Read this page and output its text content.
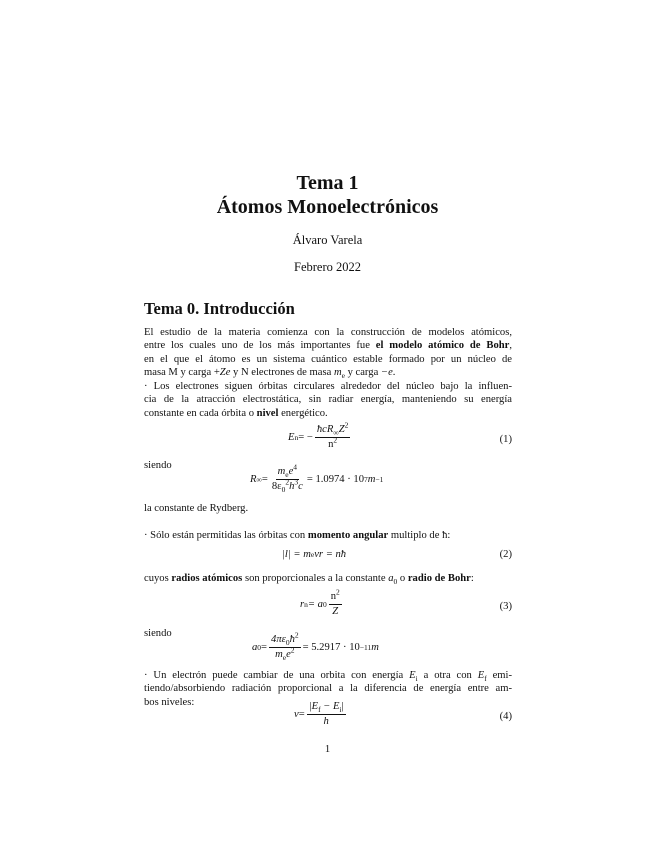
Tema 1
Átomos Monoelectrónicos
Álvaro Varela
Febrero 2022
Tema 0. Introducción
El estudio de la materia comienza con la construcción de modelos atómicos,
entre los cuales uno de los más importantes fue el modelo atómico de Bohr,
en el que el átomo es un sistema cuántico estable formado por un núcleo de
masa M y carga +Ze y N electrones de masa $m_e$ y carga −e.
· Los electrones siguen órbitas circulares alrededor del núcleo bajo la influen-
cia de la atracción electrostática, sin radiar energía, manteniendo su energía
constante en cada órbita o nivel energético.
E n = − $\frac{ħcR_\infty Z^2}{n^2}$	(1)
siendo
R ∞ = $\frac{m_ee^4}{8\varepsilon_0^2h^3c} = 1.0974 \cdot 10$ 7 m −1
la constante de Rydberg.
· Sólo están permitidas las órbitas con momento angular multiplo de ħ:
|l| = m e vr = nħ	(2)
cuyos radios atómicos son proporcionales a la constante $a_0$ o radio de Bohr:
r n = a $0 \frac{n^2}{Z}$	(3)
siendo
a $0 = \frac{4\pi\varepsilon_0ħ^2}{m_ee^2} = 5.2917 \cdot 10 -11$ m
· Un electrón puede cambiar de una orbita con energía $E_i$ a otra con $E_f$ emi-
tiendo/absorbiendo radiación proporcional a la diferencia de energía entre am-
bos niveles:
$\nu = \frac{|E_f - E_i|}{h}$	(4)
1
